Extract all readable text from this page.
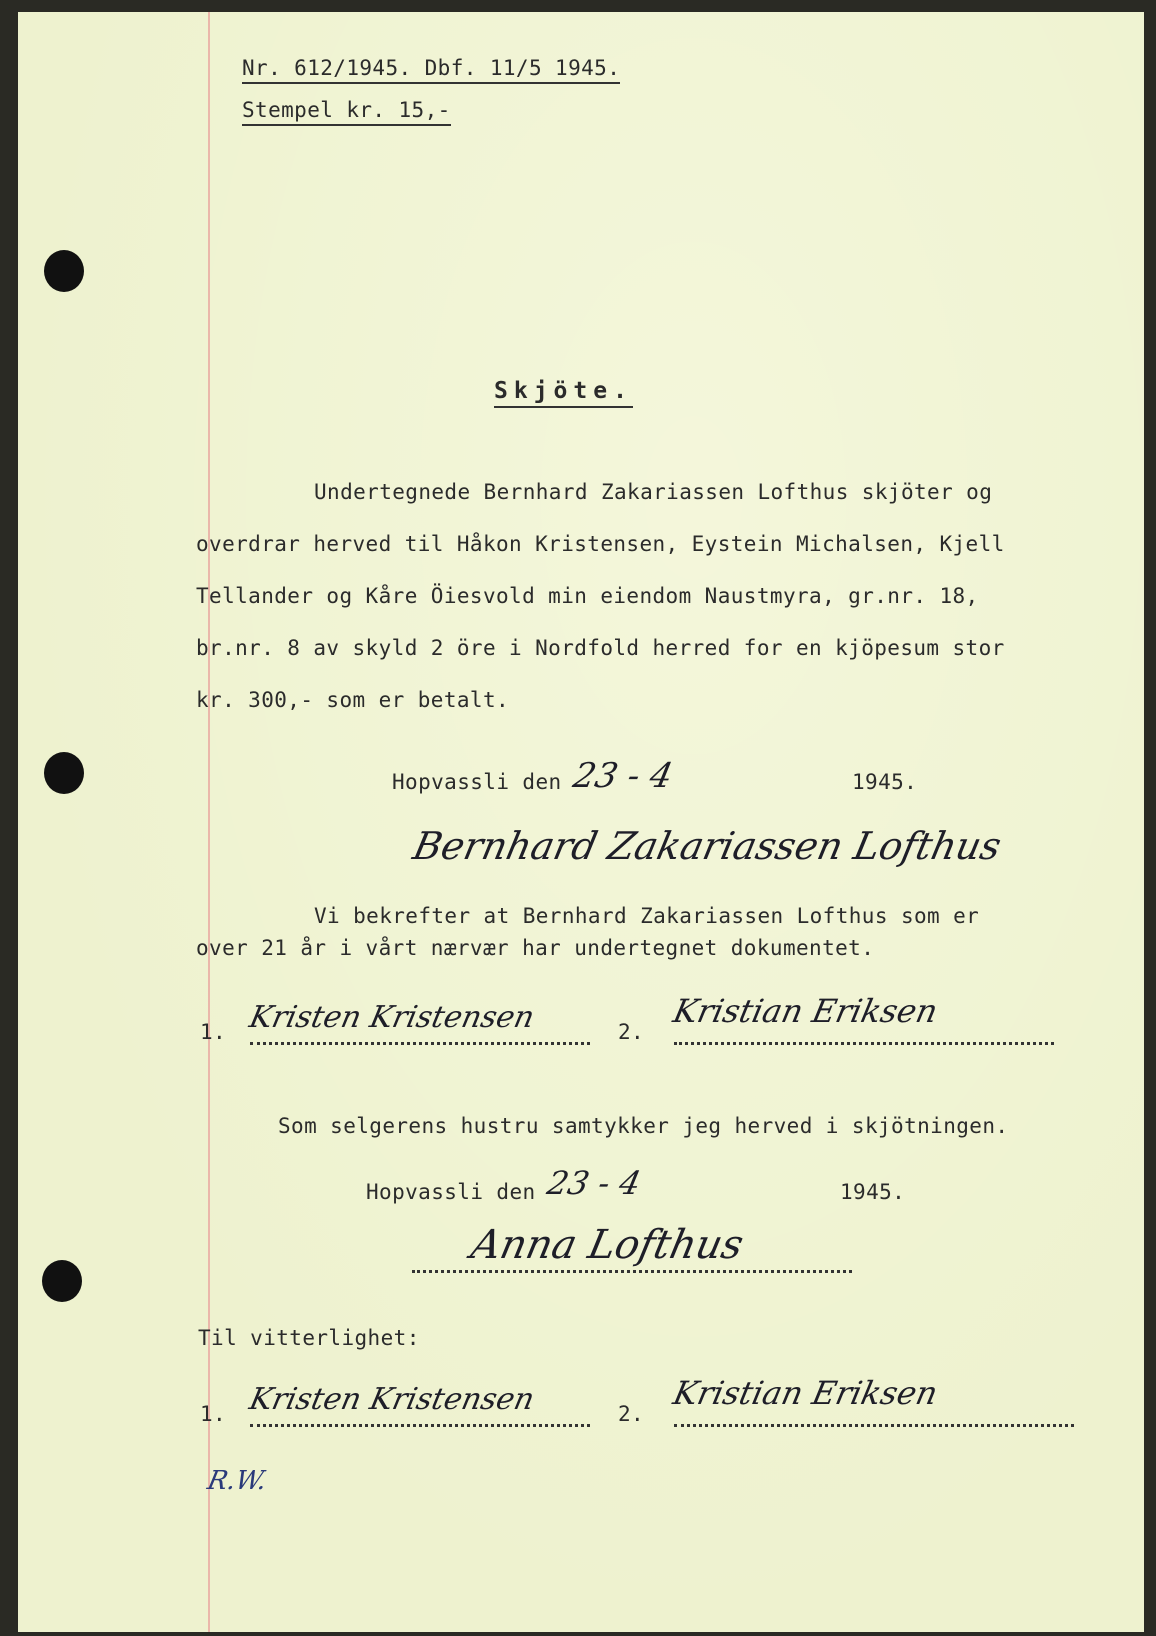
Nr. 612/1945. Dbf. 11/5 1945.
Stempel kr. 15,-
Skjöte.
Undertegnede Bernhard Zakariassen Lofthus skjöter og
overdrar herved til Håkon Kristensen, Eystein Michalsen, Kjell
Tellander og Kåre Öiesvold min eiendom Naustmyra, gr.nr. 18,
br.nr. 8 av skyld 2 öre i Nordfold herred for en kjöpesum stor
kr. 300,- som er betalt.
Hopvassli den 23 - 4	1945.
Bernhard Zakariassen Lofthus
Vi bekrefter at Bernhard Zakariassen Lofthus som er
over 21 år i vårt nærvær har undertegnet dokumentet.
1. Kristen Kristensen	2.
Kristian Eriksen
Som selgerens hustru samtykker jeg herved i skjötningen.
Hopvassli den 23 - 4	1945.
Anna Lofthus
Til vitterlighet:
1. Kristen Kristensen	2.
Kristian Eriksen
R.W.
